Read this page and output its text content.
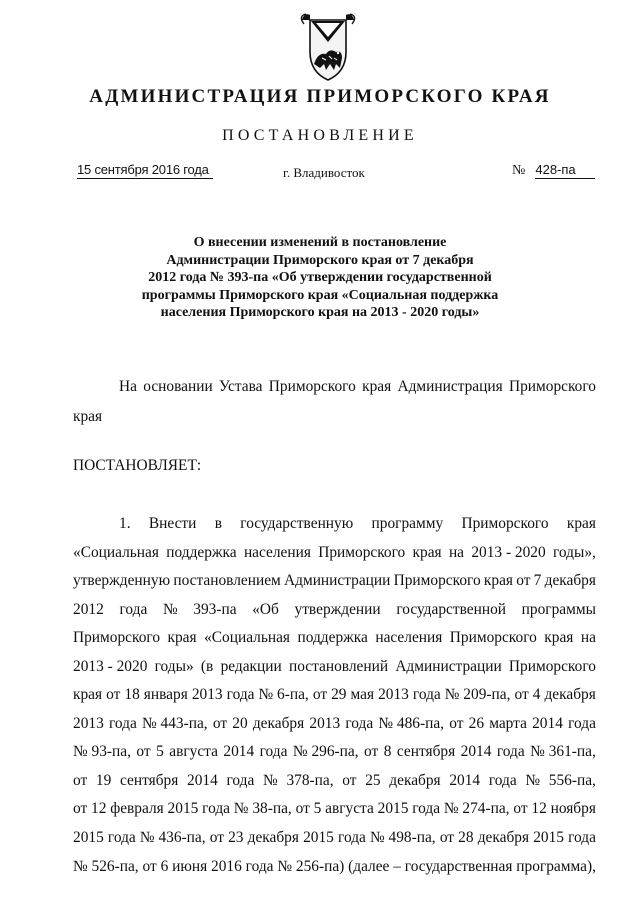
АДМИНИСТРАЦИЯ ПРИМОРСКОГО КРАЯ
ПОСТАНОВЛЕНИЕ
15 сентября 2016 года	г. Владивосток	№ 428-па
О внесении изменений в постановление
Администрации Приморского края от 7 декабря
2012 года № 393-па «Об утверждении государственной
программы Приморского края «Социальная поддержка
населения Приморского края на 2013 - 2020 годы»
На основании Устава Приморского края Администрация Приморского
края
ПОСТАНОВЛЯЕТ:
1. Внести в государственную программу Приморского края
«Социальная поддержка населения Приморского края на 2013 - 2020 годы»,
утвержденную постановлением Администрации Приморского края от 7 декабря
2012 года № 393-па «Об утверждении государственной программы
Приморского края «Социальная поддержка населения Приморского края на
2013 - 2020 годы» (в редакции постановлений Администрации Приморского
края от 18 января 2013 года № 6-па, от 29 мая 2013 года № 209-па, от 4 декабря
2013 года № 443-па, от 20 декабря 2013 года № 486-па, от 26 марта 2014 года
№ 93-па, от 5 августа 2014 года № 296-па, от 8 сентября 2014 года № 361-па,
от 19 сентября 2014 года № 378-па, от 25 декабря 2014 года № 556-па,
от 12 февраля 2015 года № 38-па, от 5 августа 2015 года № 274-па, от 12 ноября
2015 года № 436-па, от 23 декабря 2015 года № 498-па, от 28 декабря 2015 года
№ 526-па, от 6 июня 2016 года № 256-па) (далее – государственная программа),
